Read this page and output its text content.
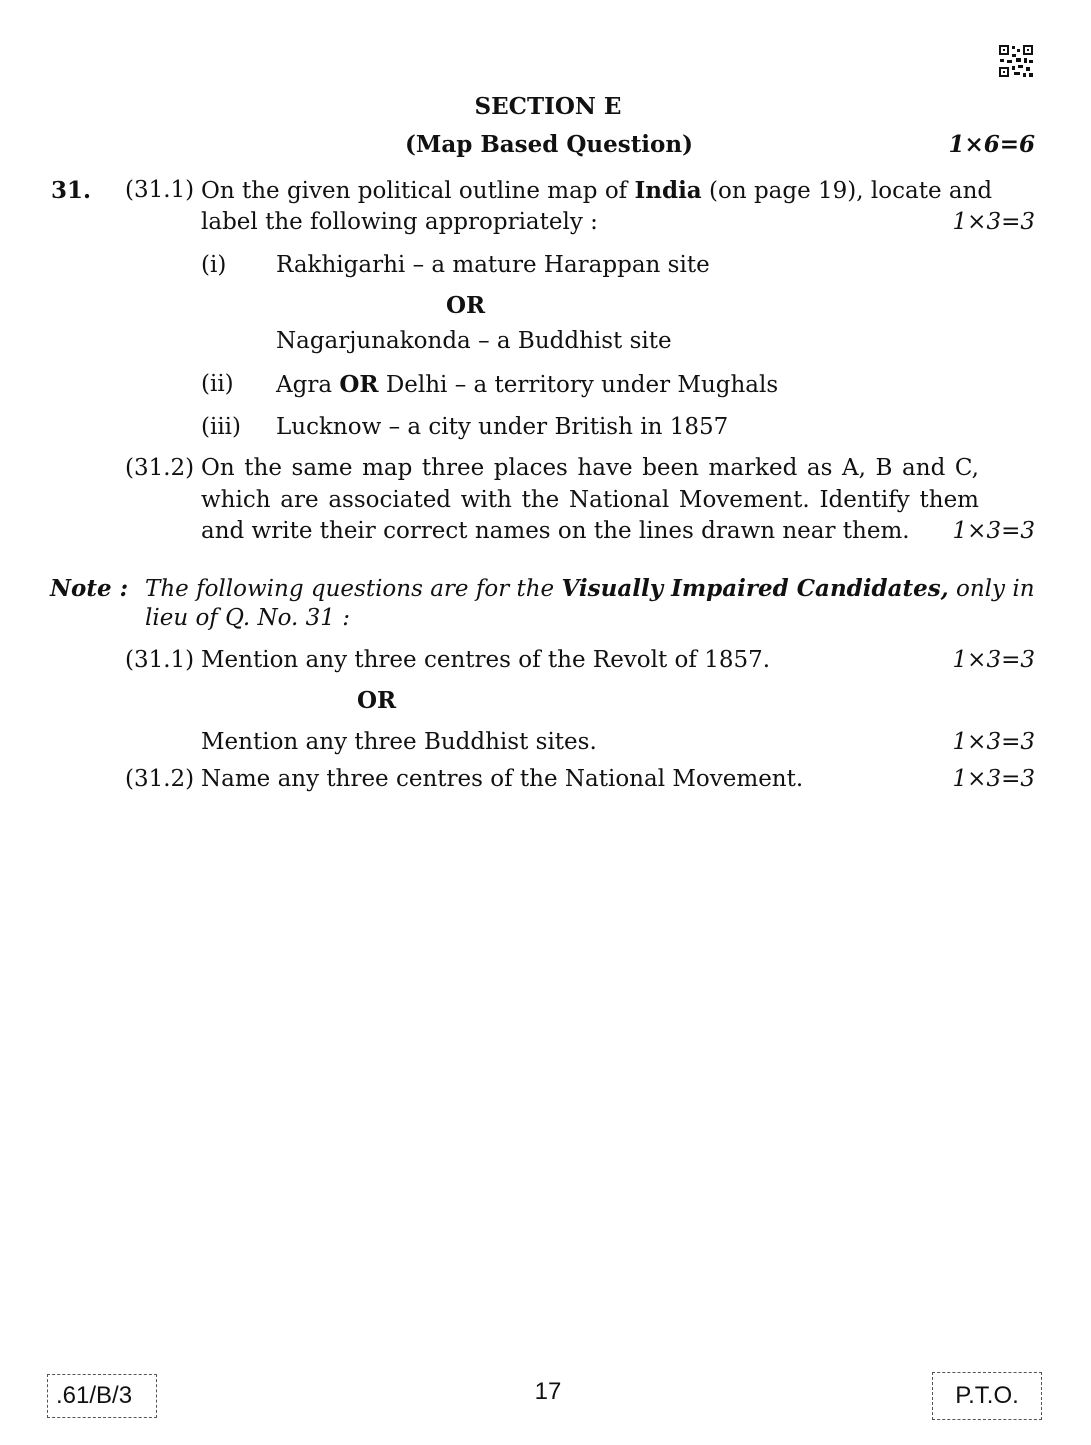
SECTION E
(Map Based Question)	1×6=6
31. (31.1) On the given political outline map of India (on page 19), locate and
label the following appropriately :	1×3=3
(i) Rakhigarhi – a mature Harappan site
OR
Nagarjunakonda – a Buddhist site
(ii) Agra OR Delhi – a territory under Mughals
(iii) Lucknow – a city under British in 1857
(31.2) On the same map three places have been marked as A, B and C,
which are associated with the National Movement. Identify them
and write their correct names on the lines drawn near them. 1×3=3
Note : The following questions are for the Visually Impaired Candidates, only in
lieu of Q. No. 31 :
(31.1) Mention any three centres of the Revolt of 1857.	1×3=3
OR
Mention any three Buddhist sites.	1×3=3
(31.2) Name any three centres of the National Movement.	1×3=3
.61/B/3	17	P.T.O.
